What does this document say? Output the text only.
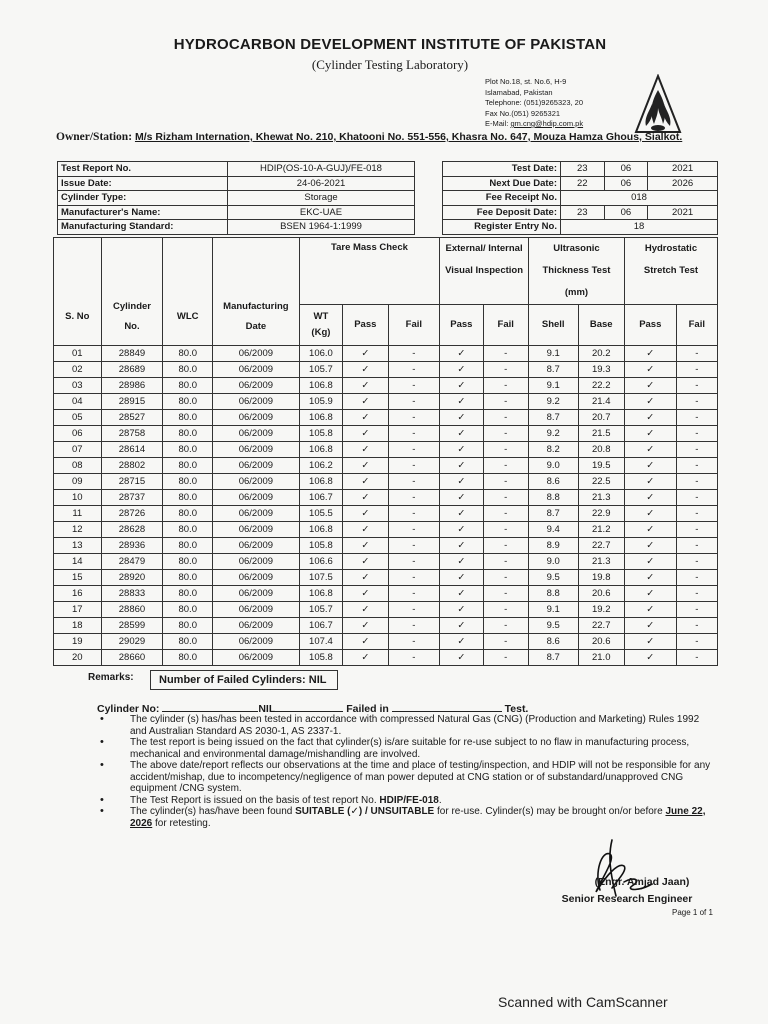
HYDROCARBON DEVELOPMENT INSTITUTE OF PAKISTAN
(Cylinder Testing Laboratory)
Plot No.18, st. No.6, H-9
Islamabad, Pakistan
Telephone: (051)9265323, 20
Fax No.(051) 9265321
E-Mail: gm.cng@hdip.com.pk
Owner/Station: M/s Rizham Internation, Khewat No. 210, Khatooni No. 551-556, Khasra No. 647, Mouza Hamza Ghous, Sialkot.
Test Report No.	HDIP(OS-10-A-GUJ)/FE-018
Issue Date:	24-06-2021
Cylinder Type:	Storage
Manufacturer's Name:	EKC-UAE
Manufacturing Standard:	BSEN 1964-1:1999
Test Date:	23	06	2021
Next Due Date:	22	06	2026
Fee Receipt No.	018		
Fee Deposit Date:	23	06	2021
Register Entry No.	18		
S. No	Cylinder No.	WLC	Manufacturing Date	Tare Mass Check			External/ Internal Visual Inspection		Ultrasonic Thickness Test (mm)		Hydrostatic Stretch Test	
				WT (Kg)	Pass	Fail	Pass	Fail	Shell	Base	Pass	Fail
01	28849	80.0	06/2009	106.0	✓	-	✓	-	9.1	20.2	✓	-
02	28689	80.0	06/2009	105.7	✓	-	✓	-	8.7	19.3	✓	-
03	28986	80.0	06/2009	106.8	✓	-	✓	-	9.1	22.2	✓	-
04	28915	80.0	06/2009	105.9	✓	-	✓	-	9.2	21.4	✓	-
05	28527	80.0	06/2009	106.8	✓	-	✓	-	8.7	20.7	✓	-
06	28758	80.0	06/2009	105.8	✓	-	✓	-	9.2	21.5	✓	-
07	28614	80.0	06/2009	106.8	✓	-	✓	-	8.2	20.8	✓	-
08	28802	80.0	06/2009	106.2	✓	-	✓	-	9.0	19.5	✓	-
09	28715	80.0	06/2009	106.8	✓	-	✓	-	8.6	22.5	✓	-
10	28737	80.0	06/2009	106.7	✓	-	✓	-	8.8	21.3	✓	-
11	28726	80.0	06/2009	105.5	✓	-	✓	-	8.7	22.9	✓	-
12	28628	80.0	06/2009	106.8	✓	-	✓	-	9.4	21.2	✓	-
13	28936	80.0	06/2009	105.8	✓	-	✓	-	8.9	22.7	✓	-
14	28479	80.0	06/2009	106.6	✓	-	✓	-	9.0	21.3	✓	-
15	28920	80.0	06/2009	107.5	✓	-	✓	-	9.5	19.8	✓	-
16	28833	80.0	06/2009	106.8	✓	-	✓	-	8.8	20.6	✓	-
17	28860	80.0	06/2009	105.7	✓	-	✓	-	9.1	19.2	✓	-
18	28599	80.0	06/2009	106.7	✓	-	✓	-	9.5	22.7	✓	-
19	29029	80.0	06/2009	107.4	✓	-	✓	-	8.6	20.6	✓	-
20	28660	80.0	06/2009	105.8	✓	-	✓	-	8.7	21.0	✓	-
Remarks:	Number of Failed Cylinders: NIL
Cylinder No:	NIL	Failed in	Test.
• The cylinder (s) has/has been tested in accordance with compressed Natural Gas (CNG) (Production and Marketing) Rules 1992 and Australian Standard AS 2030-1, AS 2337-1.
• The test report is being issued on the fact that cylinder(s) is/are suitable for re-use subject to no flaw in manufacturing process, mechanical and environmental damage/mishandling are involved.
• The above date/report reflects our observations at the time and place of testing/inspection, and HDIP will not be responsible for any accident/mishap, due to incompetency/negligence of man power deputed at CNG station or of substandard/unapproved CNG equipment /CNG system.
• The Test Report is issued on the basis of test report No. HDIP/FE-018.
• The cylinder(s) has/have been found SUITABLE (✓) / UNSUITABLE for re-use. Cylinder(s) may be brought on/or before June 22, 2026 for retesting.
(Engr. Amjad Jaan)
Senior Research Engineer
Page 1 of 1
Scanned with CamScanner
